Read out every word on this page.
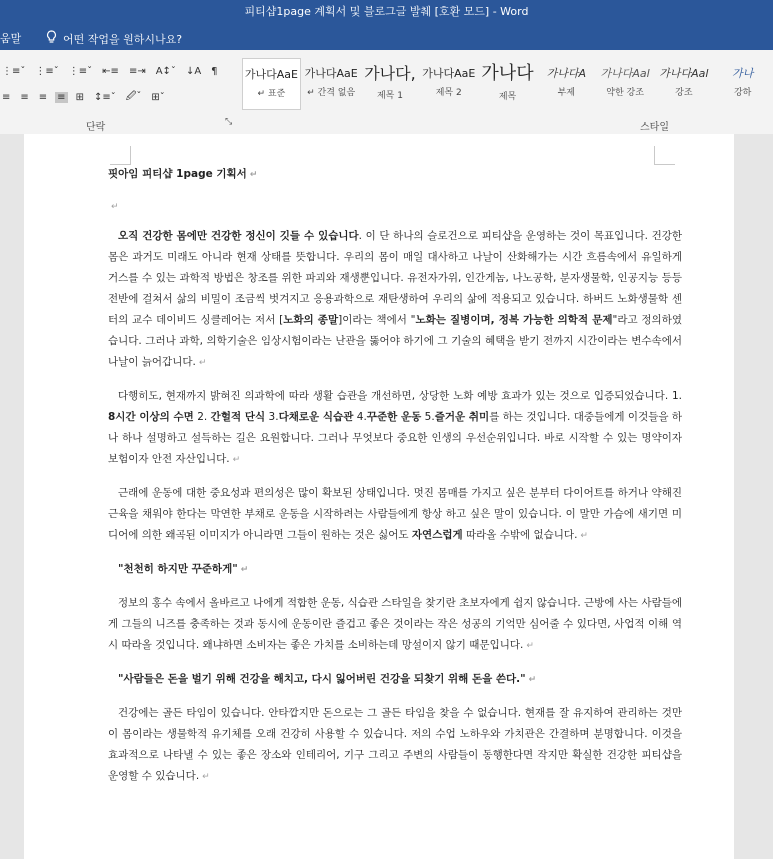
피티샵1page 계획서 및 블로그글 발췌 [호환 모드] - Word
움말	어떤 작업을 원하시나요?
⋮≡ˇ ⋮≡ˇ ⋮≡ˇ ⇤≡ ≡⇥ A↕ˇ ↓A ¶
≡ ≡ ≡ ≡ ⊞ ↕≡ˇ 🖉ˇ ⊞ˇ
단락	⤡
가나다AaE
↵ 표준
가나다AaE
↵ 간격 없음
가나다,
제목 1
가나다AaE
제목 2
가나다
제목
가나다A
부제
가나다Aal
약한 강조
가나다Aal
강조
가나
강하
스타일

핏아임 피티샵 1page 기획서 ↵

↵

오직 건강한 몸에만 건강한 정신이 깃들 수 있습니다. 이 단 하나의 슬로건으로 피티샵을 운영하는 것이 목표입니다. 건강한 몸은 과거도 미래도 아니라 현재 상태를 뜻합니다. 우리의 몸이 매일 대사하고 나날이 산화해가는 시간 흐름속에서 유일하게 거스를 수 있는 과학적 방법은 창조를 위한 파괴와 재생뿐입니다. 유전자가위, 인간게놈, 나노공학, 분자생물학, 인공지능 등등 전반에 걸쳐서 삶의 비밀이 조금씩 벗겨지고 응용과학으로 재탄생하여 우리의 삶에 적용되고 있습니다. 하버드 노화생물학 센터의 교수 데이비드 싱클레어는 저서 [노화의 종말]이라는 책에서 "노화는 질병이며, 정복 가능한 의학적 문제"라고 정의하였습니다. 그러나 과학, 의학기술은 임상시험이라는 난관을 뚫어야 하기에 그 기술의 혜택을 받기 전까지 시간이라는 변수속에서 나날이 늙어갑니다. ↵

다행히도, 현재까지 밝혀진 의과학에 따라 생활 습관을 개선하면, 상당한 노화 예방 효과가 있는 것으로 입증되었습니다. 1. 8시간 이상의 수면 2. 간헐적 단식 3.다채로운 식습관 4.꾸준한 운동 5.즐거운 취미를 하는 것입니다. 대중들에게 이것들을 하나 하나 설명하고 설득하는 길은 요원합니다. 그러나 무엇보다 중요한 인생의 우선순위입니다. 바로 시작할 수 있는 명약이자 보험이자 안전 자산입니다. ↵

근래에 운동에 대한 중요성과 편의성은 많이 확보된 상태입니다. 멋진 몸매를 가지고 싶은 분부터 다이어트를 하거나 약해진 근육을 채워야 한다는 막연한 부채로 운동을 시작하려는 사람들에게 항상 하고 싶은 말이 있습니다. 이 말만 가슴에 새기면 미디어에 의한 왜곡된 이미지가 아니라면 그들이 원하는 것은 싫어도 자연스럽게 따라올 수밖에 없습니다. ↵

"천천히 하지만 꾸준하게" ↵

정보의 홍수 속에서 올바르고 나에게 적합한 운동, 식습관 스타일을 찾기란 초보자에게 쉽지 않습니다. 근방에 사는 사람들에게 그들의 니즈를 충족하는 것과 동시에 운동이란 즐겁고 좋은 것이라는 작은 성공의 기억만 심어줄 수 있다면, 사업적 이해 역시 따라올 것입니다. 왜냐하면 소비자는 좋은 가치를 소비하는데 망설이지 않기 때문입니다. ↵

"사람들은 돈을 벌기 위해 건강을 해치고, 다시 잃어버린 건강을 되찾기 위해 돈을 쓴다." ↵

건강에는 골든 타임이 있습니다. 안타깝지만 돈으로는 그 골든 타임을 찾을 수 없습니다. 현재를 잘 유지하여 관리하는 것만이 몸이라는 생물학적 유기체를 오래 건강히 사용할 수 있습니다. 저의 수업 노하우와 가치관은 간결하며 분명합니다. 이것을 효과적으로 나타낼 수 있는 좋은 장소와 인테리어, 기구 그리고 주변의 사람들이 동행한다면 작지만 확실한 건강한 피티샵을 운영할 수 있습니다. ↵
